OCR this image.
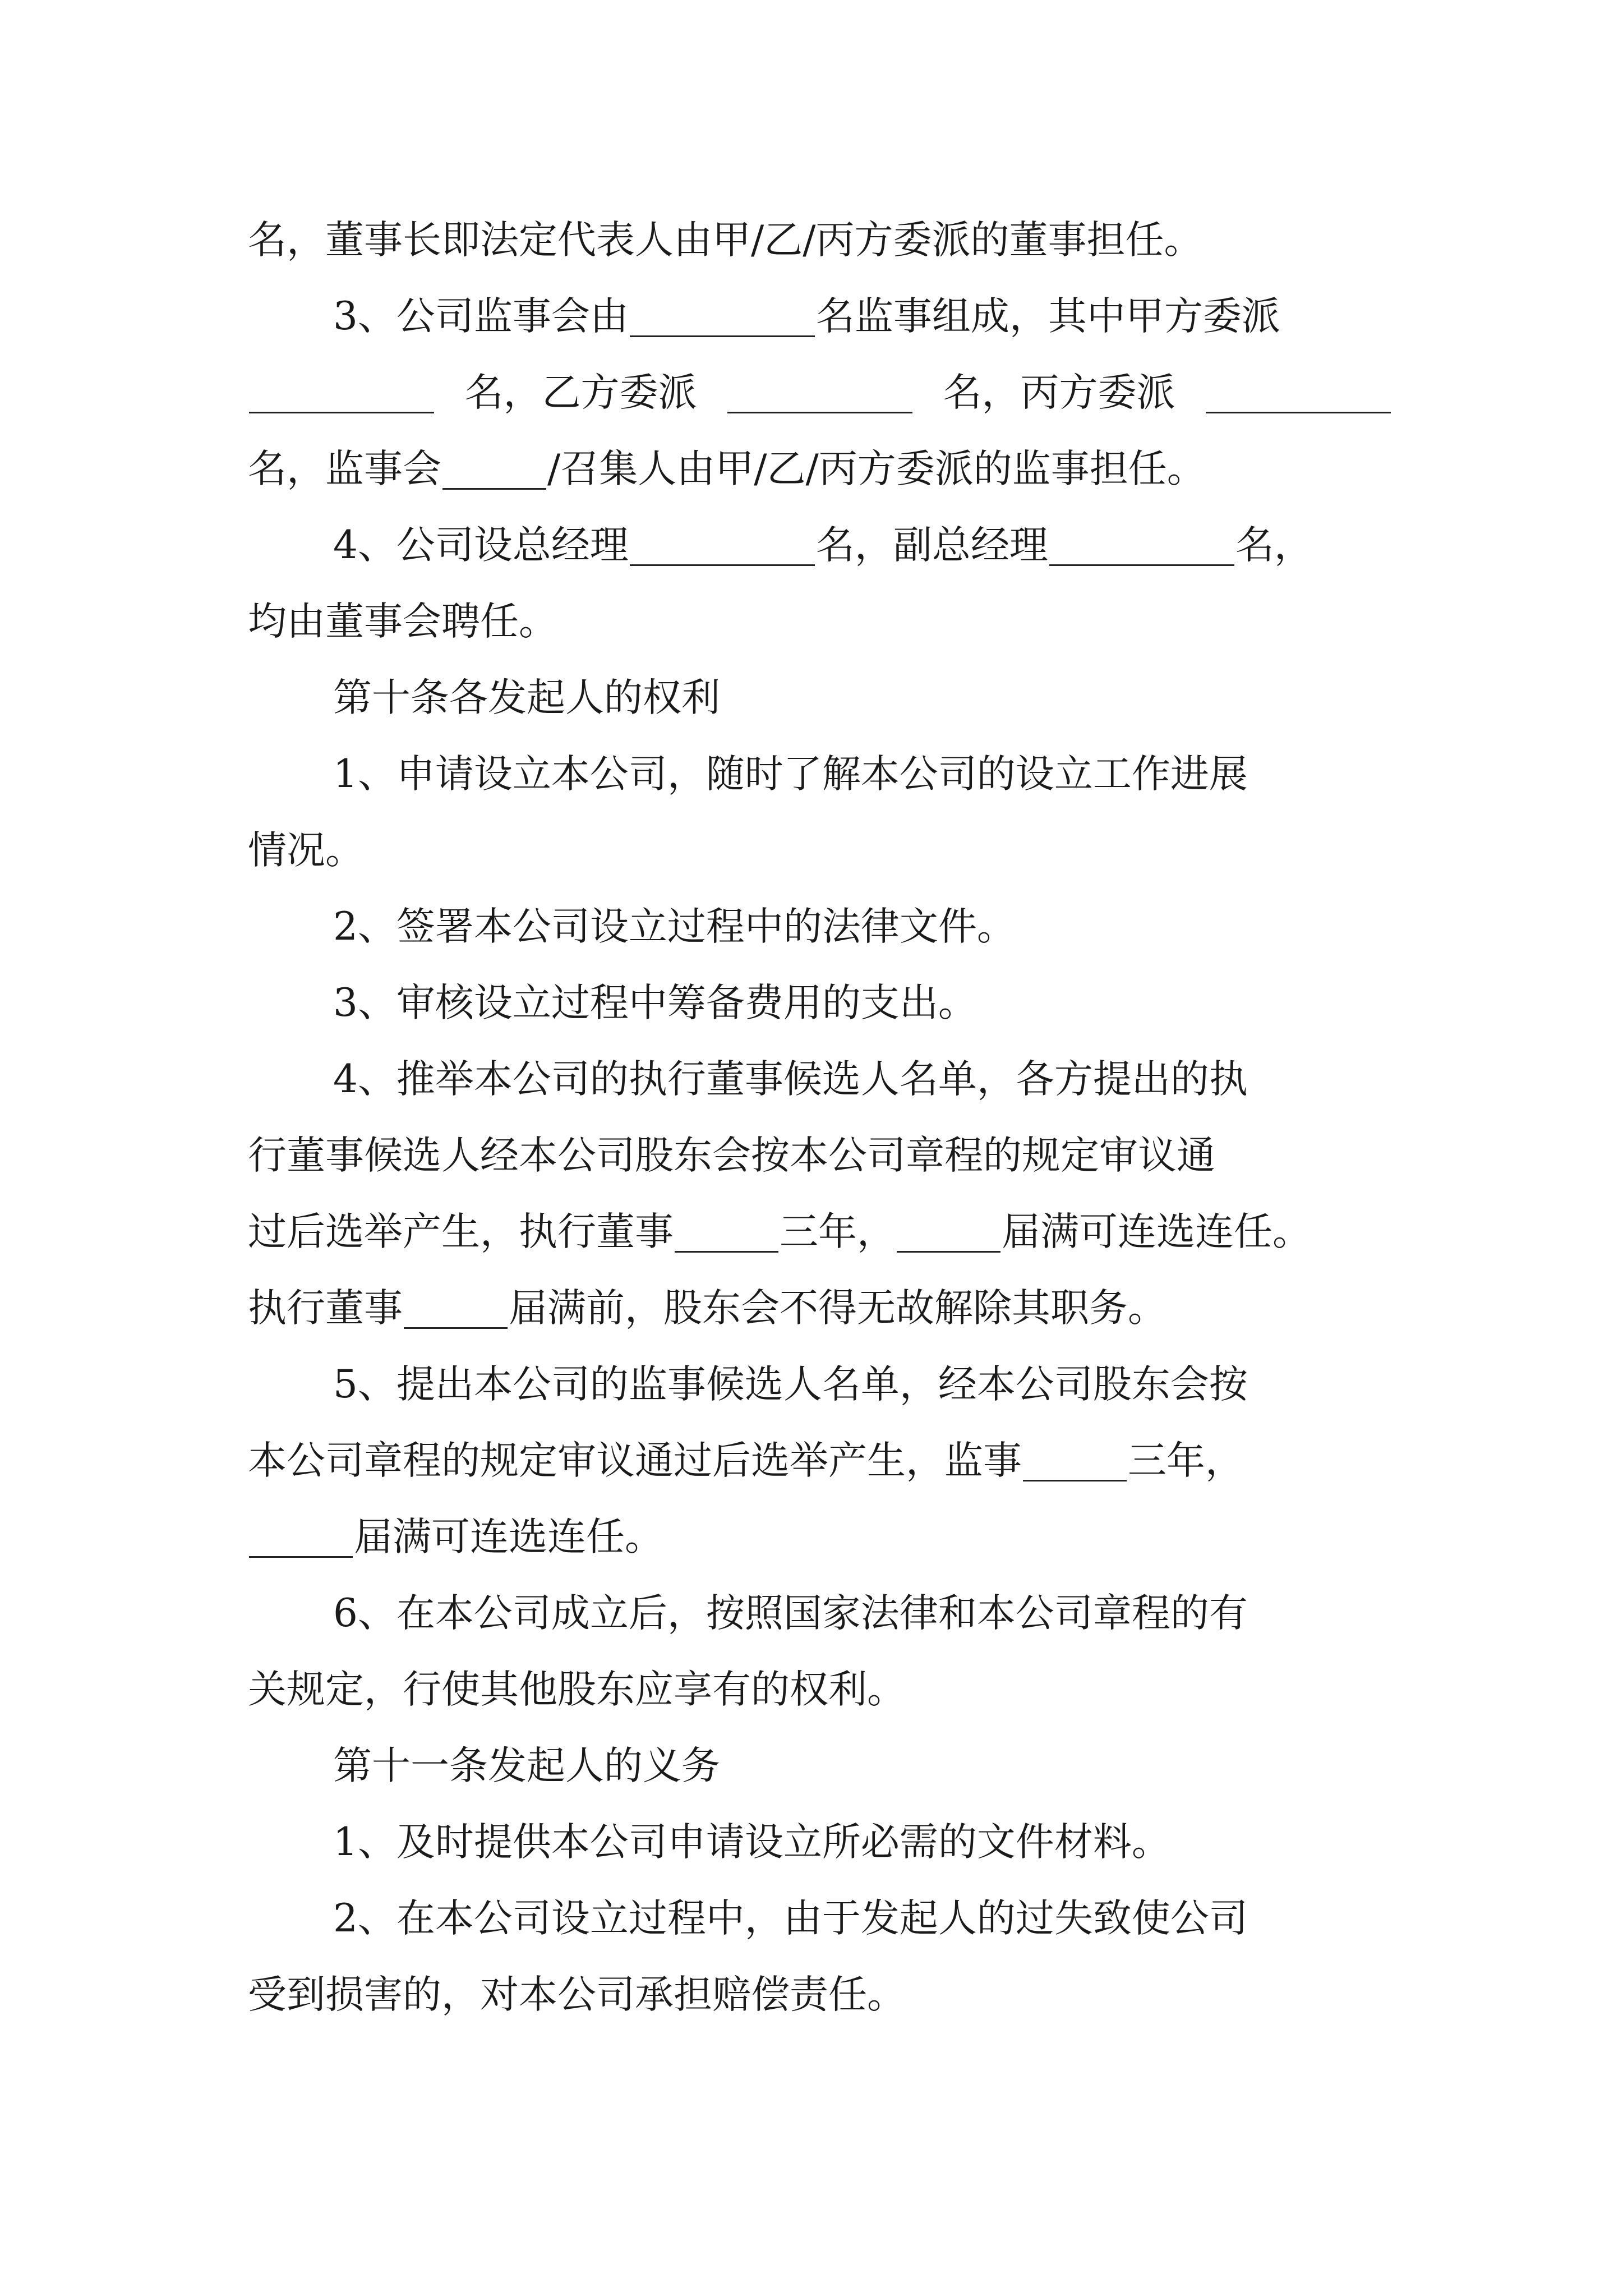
名，董事长即法定代表人由甲/乙/丙方委派的董事担任。
3、公司监事会由	名监事组成，其中甲方委派
名，乙方委派	名，丙方委派
名，监事会	/召集人由甲/乙/丙方委派的监事担任。
4、公司设总经理	名，副总经理	名，
均由董事会聘任。
第十条各发起人的权利
1、申请设立本公司，随时了解本公司的设立工作进展
情况。
2、签署本公司设立过程中的法律文件。
3、审核设立过程中筹备费用的支出。
4、推举本公司的执行董事候选人名单，各方提出的执
行董事候选人经本公司股东会按本公司章程的规定审议通
过后选举产生，执行董事	三年，	届满可连选连任。
执行董事	届满前，股东会不得无故解除其职务。
5、提出本公司的监事候选人名单，经本公司股东会按
本公司章程的规定审议通过后选举产生，监事	三年，
届满可连选连任。
6、在本公司成立后，按照国家法律和本公司章程的有
关规定，行使其他股东应享有的权利。
第十一条发起人的义务
1、及时提供本公司申请设立所必需的文件材料。
2、在本公司设立过程中，由于发起人的过失致使公司
受到损害的，对本公司承担赔偿责任。
